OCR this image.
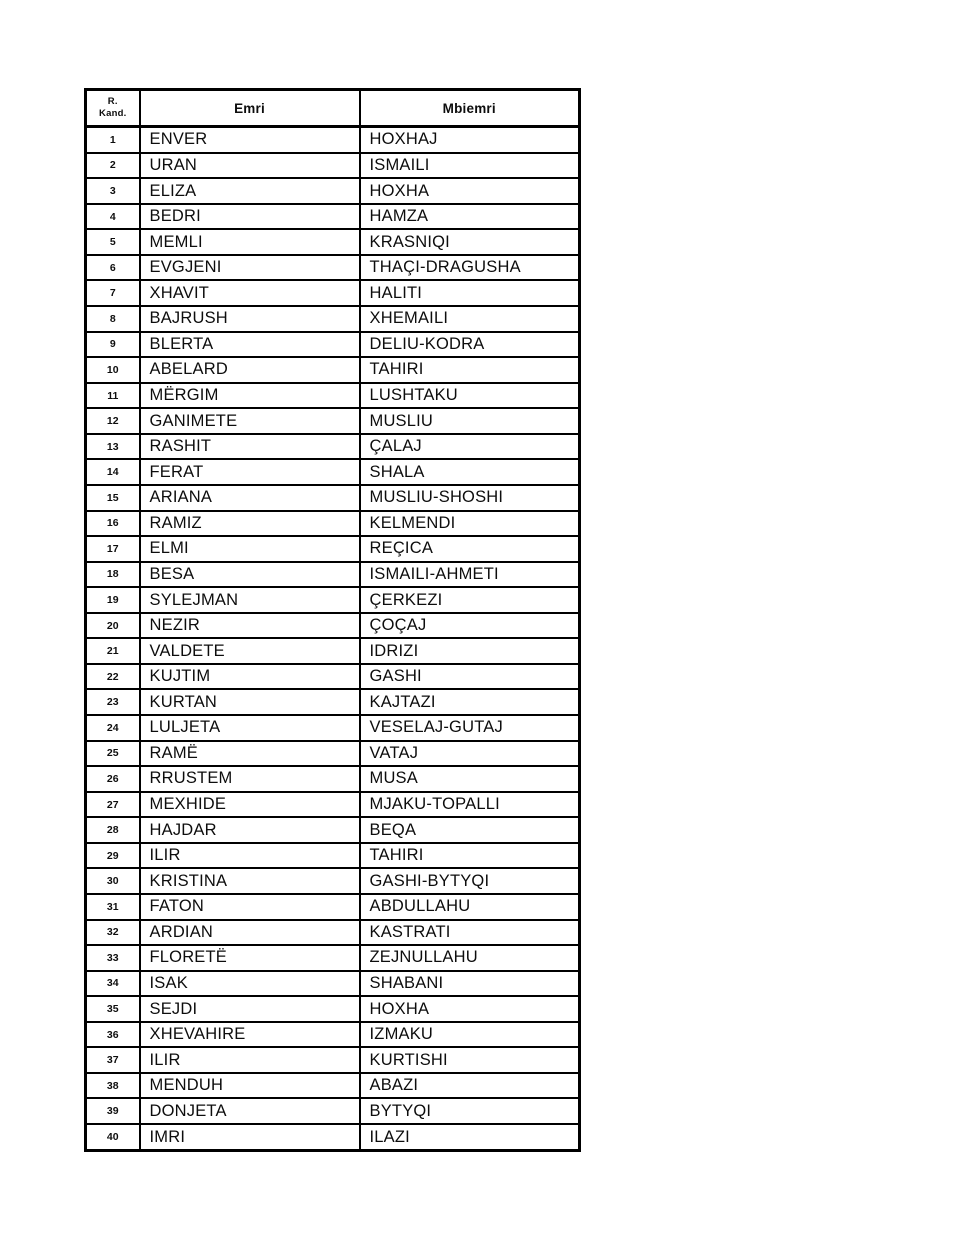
R.
Kand.	Emri	Mbiemri
1	ENVER	HOXHAJ
2	URAN	ISMAILI
3	ELIZA	HOXHA
4	BEDRI	HAMZA
5	MEMLI	KRASNIQI
6	EVGJENI	THAÇI-DRAGUSHA
7	XHAVIT	HALITI
8	BAJRUSH	XHEMAILI
9	BLERTA	DELIU-KODRA
10	ABELARD	TAHIRI
11	MËRGIM	LUSHTAKU
12	GANIMETE	MUSLIU
13	RASHIT	ÇALAJ
14	FERAT	SHALA
15	ARIANA	MUSLIU-SHOSHI
16	RAMIZ	KELMENDI
17	ELMI	REÇICA
18	BESA	ISMAILI-AHMETI
19	SYLEJMAN	ÇERKEZI
20	NEZIR	ÇOÇAJ
21	VALDETE	IDRIZI
22	KUJTIM	GASHI
23	KURTAN	KAJTAZI
24	LULJETA	VESELAJ-GUTAJ
25	RAMË	VATAJ
26	RRUSTEM	MUSA
27	MEXHIDE	MJAKU-TOPALLI
28	HAJDAR	BEQA
29	ILIR	TAHIRI
30	KRISTINA	GASHI-BYTYQI
31	FATON	ABDULLAHU
32	ARDIAN	KASTRATI
33	FLORETË	ZEJNULLAHU
34	ISAK	SHABANI
35	SEJDI	HOXHA
36	XHEVAHIRE	IZMAKU
37	ILIR	KURTISHI
38	MENDUH	ABAZI
39	DONJETA	BYTYQI
40	IMRI	ILAZI
